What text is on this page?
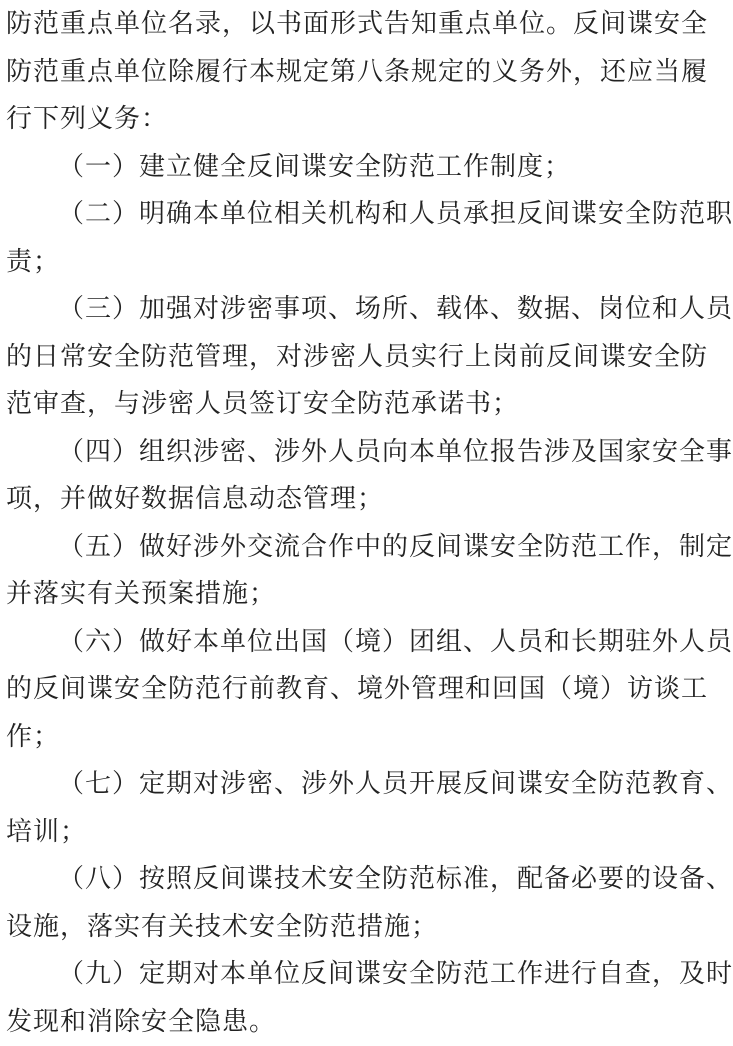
防范重点单位名录，以书面形式告知重点单位。反间谍安全
防范重点单位除履行本规定第八条规定的义务外，还应当履
行下列义务：
（一）建立健全反间谍安全防范工作制度；
（二）明确本单位相关机构和人员承担反间谍安全防范职
责；
（三）加强对涉密事项、场所、载体、数据、岗位和人员
的日常安全防范管理，对涉密人员实行上岗前反间谍安全防
范审查，与涉密人员签订安全防范承诺书；
（四）组织涉密、涉外人员向本单位报告涉及国家安全事
项，并做好数据信息动态管理；
（五）做好涉外交流合作中的反间谍安全防范工作，制定
并落实有关预案措施；
（六）做好本单位出国（境）团组、人员和长期驻外人员
的反间谍安全防范行前教育、境外管理和回国（境）访谈工
作；
（七）定期对涉密、涉外人员开展反间谍安全防范教育、
培训；
（八）按照反间谍技术安全防范标准，配备必要的设备、
设施，落实有关技术安全防范措施；
（九）定期对本单位反间谍安全防范工作进行自查，及时
发现和消除安全隐患。
